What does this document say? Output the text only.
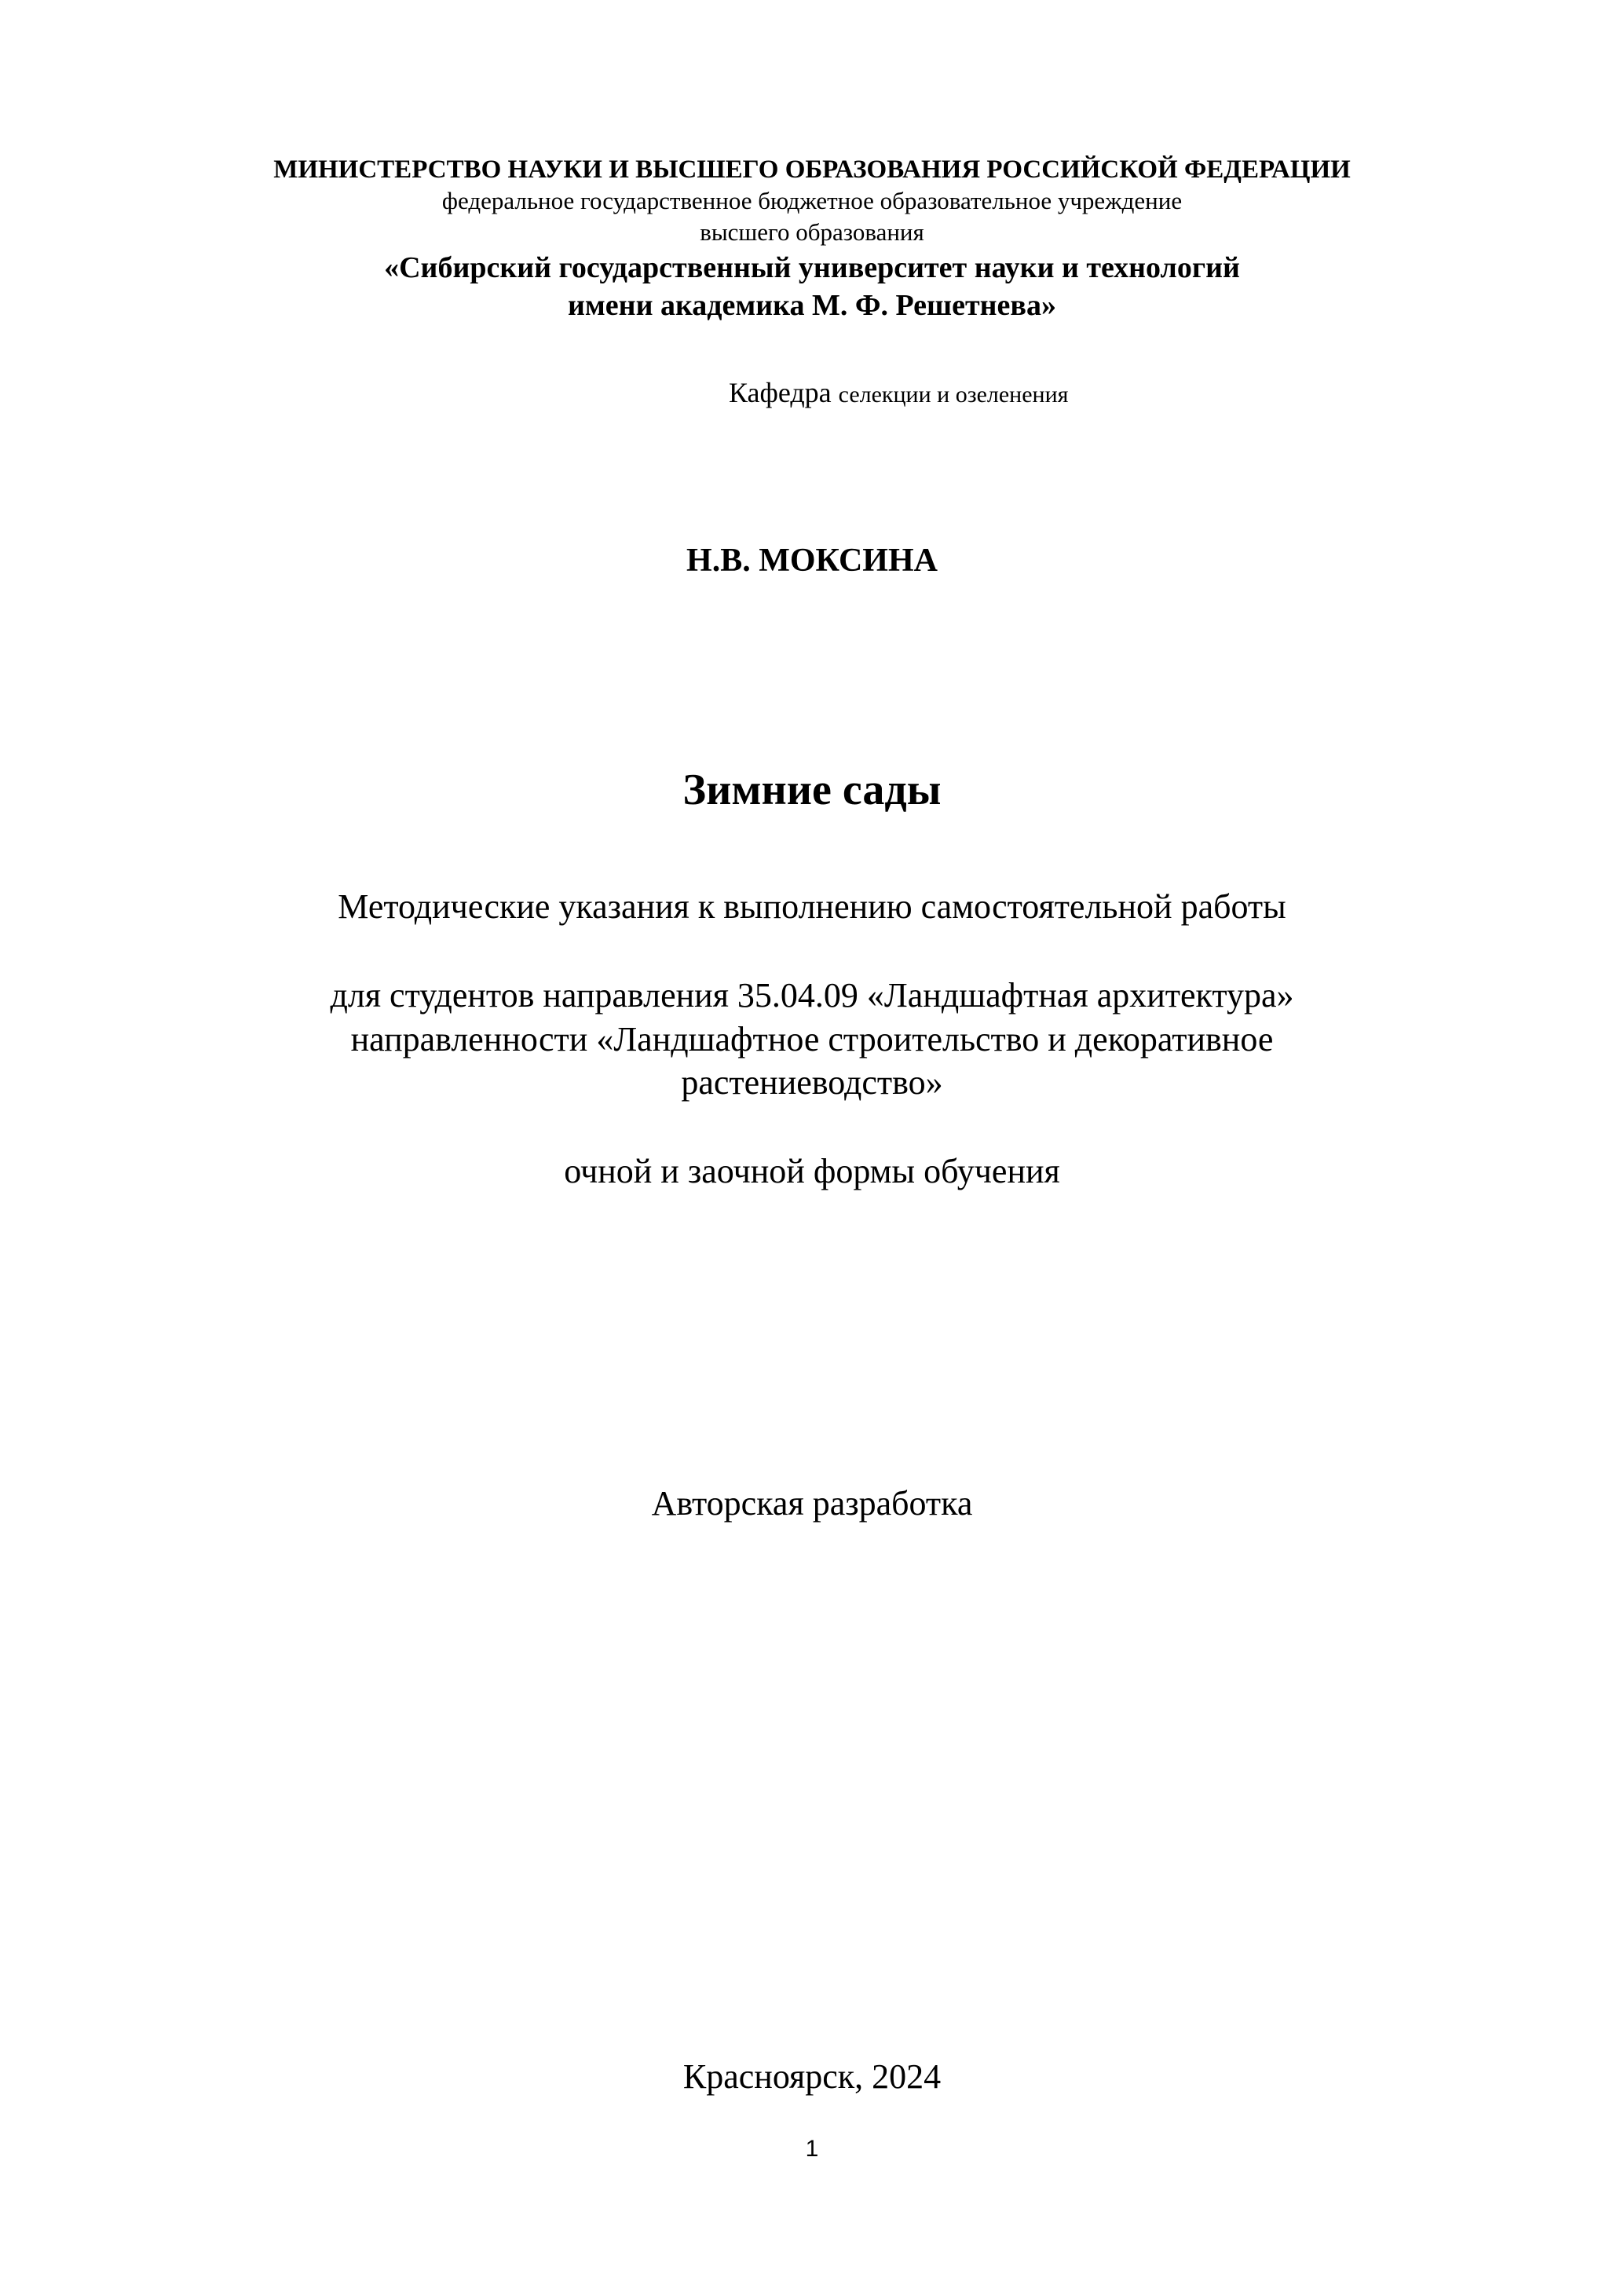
МИНИСТЕРСТВО НАУКИ И ВЫСШЕГО ОБРАЗОВАНИЯ РОССИЙСКОЙ ФЕДЕРАЦИИ
федеральное государственное бюджетное образовательное учреждение
высшего образования
«Сибирский государственный университет науки и технологий
имени академика М. Ф. Решетнева»
Кафедра селекции и озеленения
Н.В. МОКСИНА
Зимние сады
Методические указания к выполнению самостоятельной работы
для студентов направления 35.04.09 «Ландшафтная архитектура»
направленности «Ландшафтное строительство и декоративное
растениеводство»
очной и заочной формы обучения
Авторская разработка
Красноярск, 2024
1
